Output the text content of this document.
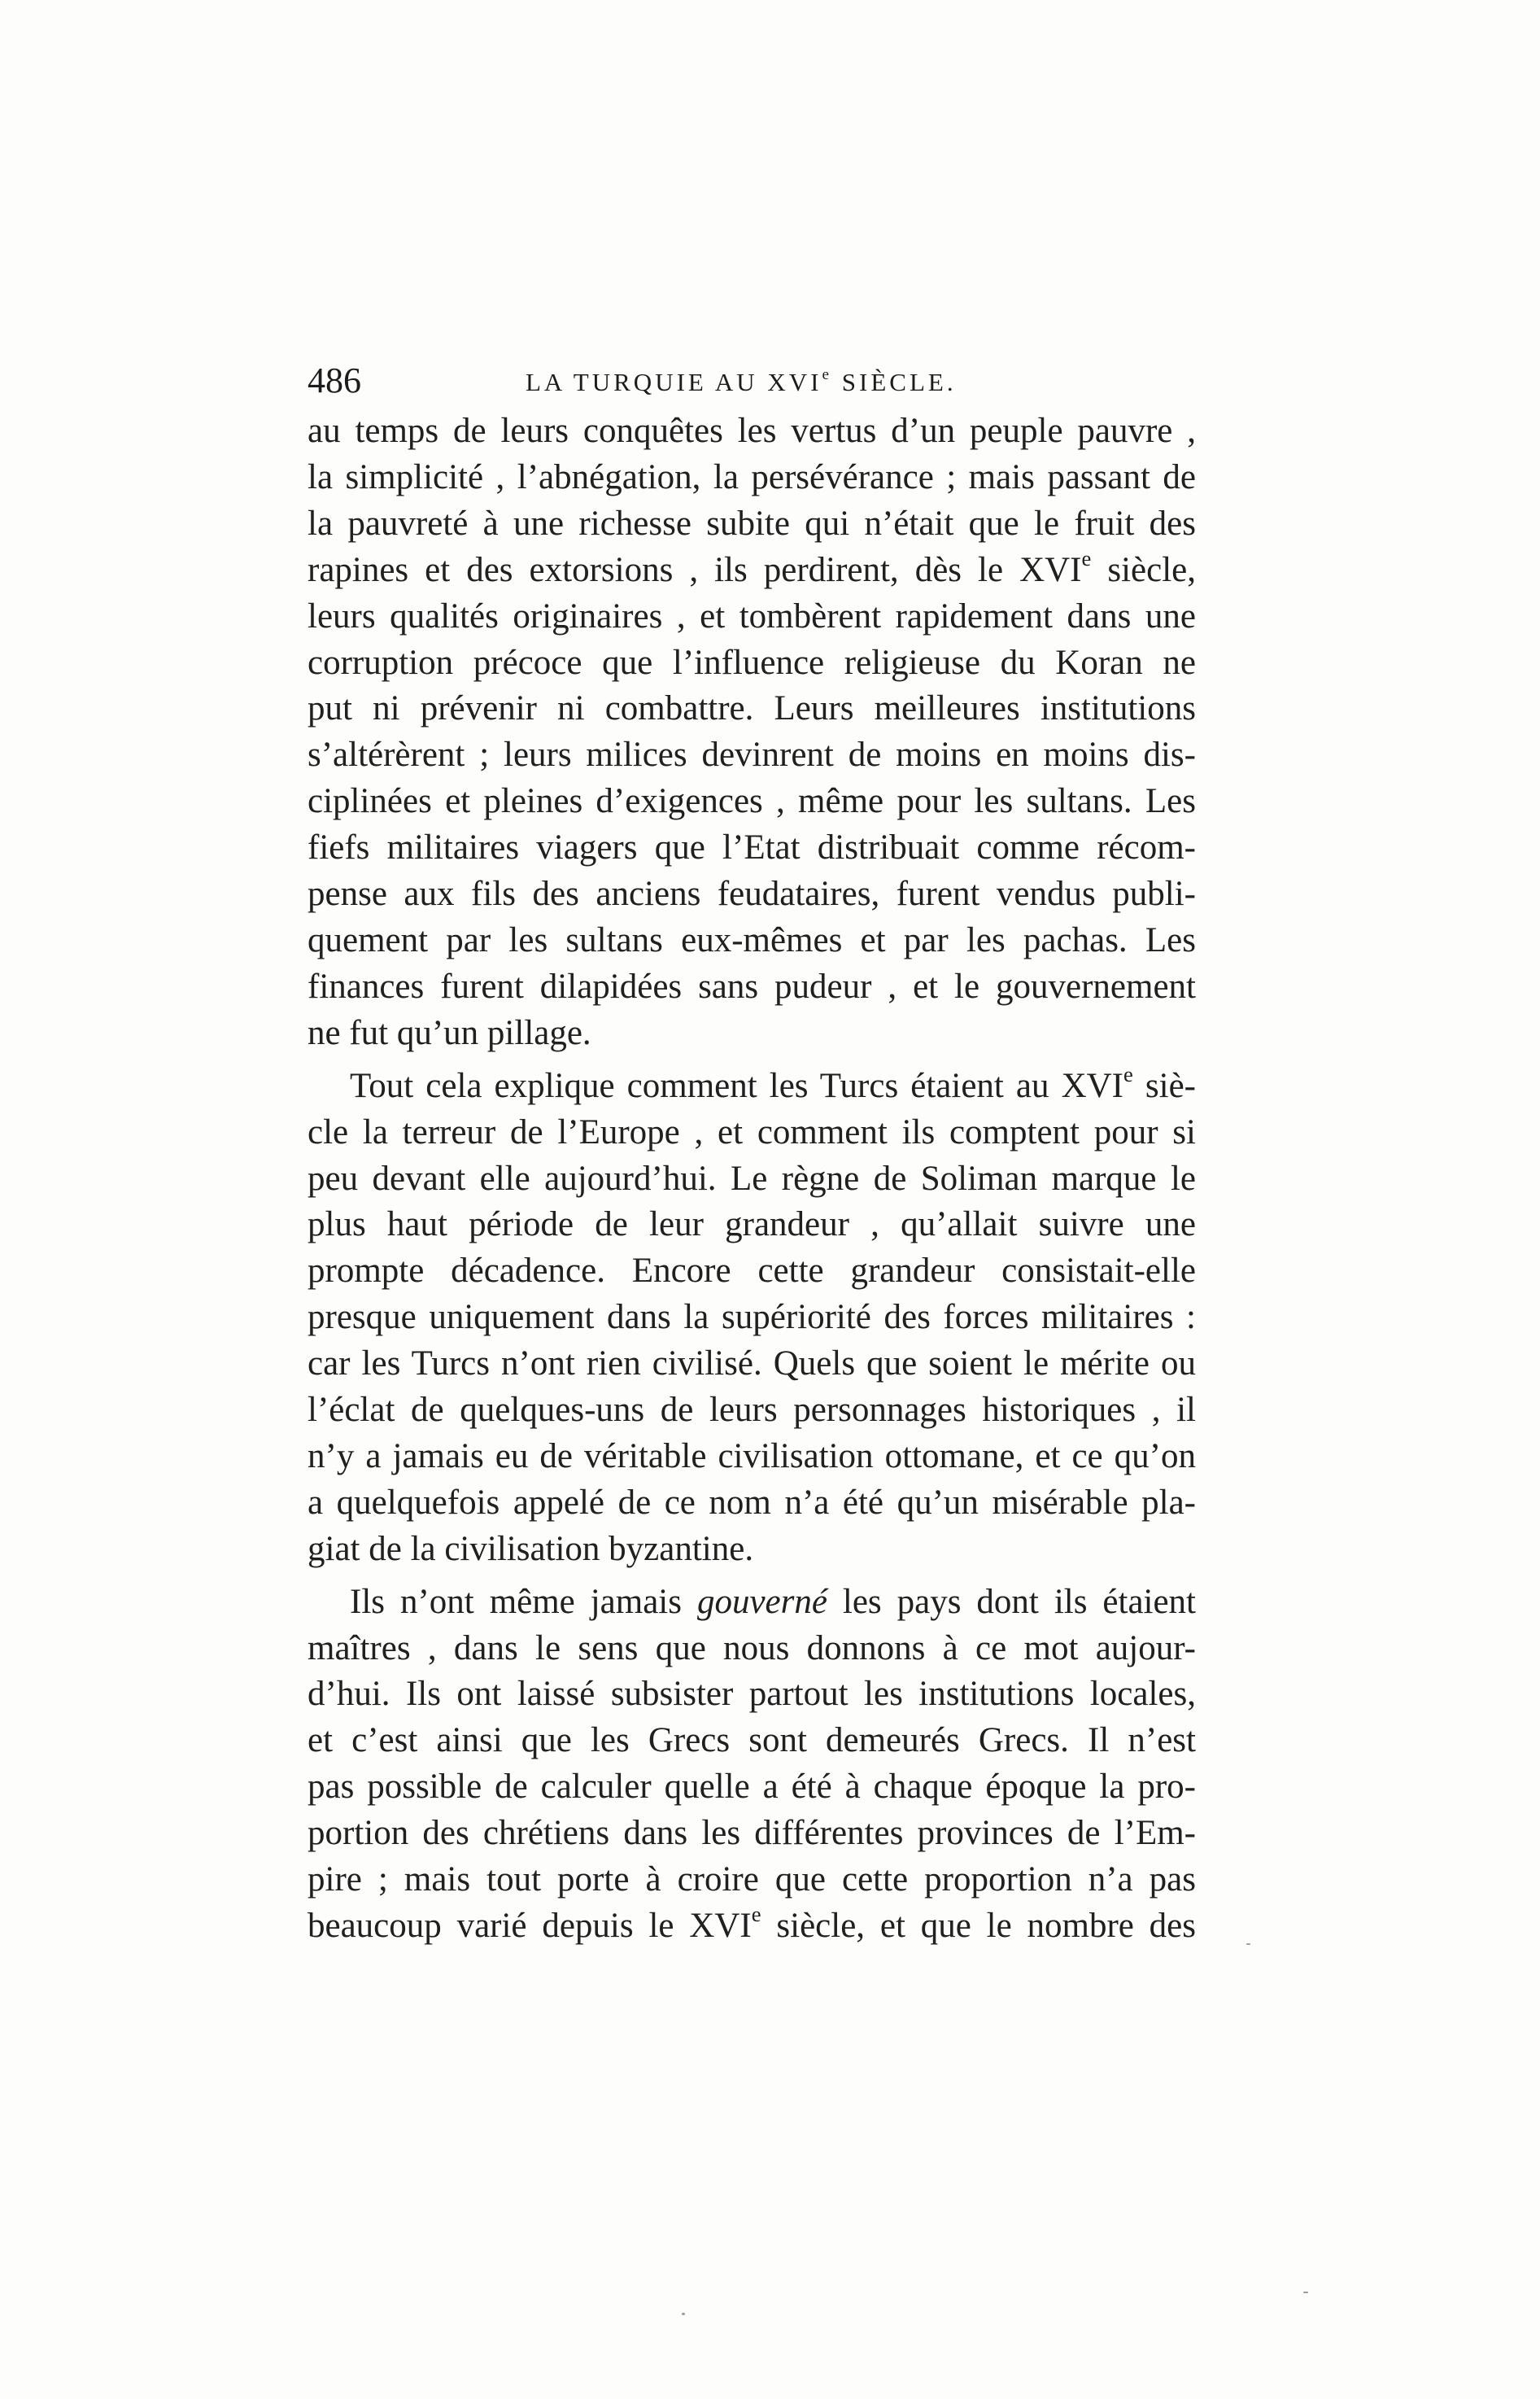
486	LA TURQUIE AU XVIe SIÈCLE.
au temps de leurs conquêtes les vertus d’un peuple pauvre ,
la simplicité , l’abnégation, la persévérance ; mais passant de
la pauvreté à une richesse subite qui n’était que le fruit des
rapines et des extorsions , ils perdirent, dès le XVIe siècle,
leurs qualités originaires , et tombèrent rapidement dans une
corruption précoce que l’influence religieuse du Koran ne
put ni prévenir ni combattre. Leurs meilleures institutions
s’altérèrent ; leurs milices devinrent de moins en moins dis-
ciplinées et pleines d’exigences , même pour les sultans. Les
fiefs militaires viagers que l’Etat distribuait comme récom-
pense aux fils des anciens feudataires, furent vendus publi-
quement par les sultans eux-mêmes et par les pachas. Les
finances furent dilapidées sans pudeur , et le gouvernement
ne fut qu’un pillage.
Tout cela explique comment les Turcs étaient au XVIe siè-
cle la terreur de l’Europe , et comment ils comptent pour si
peu devant elle aujourd’hui. Le règne de Soliman marque le
plus haut période de leur grandeur , qu’allait suivre une
prompte décadence. Encore cette grandeur consistait-elle
presque uniquement dans la supériorité des forces militaires :
car les Turcs n’ont rien civilisé. Quels que soient le mérite ou
l’éclat de quelques-uns de leurs personnages historiques , il
n’y a jamais eu de véritable civilisation ottomane, et ce qu’on
a quelquefois appelé de ce nom n’a été qu’un misérable pla-
giat de la civilisation byzantine.
Ils n’ont même jamais gouverné les pays dont ils étaient
maîtres , dans le sens que nous donnons à ce mot aujour-
d’hui. Ils ont laissé subsister partout les institutions locales,
et c’est ainsi que les Grecs sont demeurés Grecs. Il n’est
pas possible de calculer quelle a été à chaque époque la pro-
portion des chrétiens dans les différentes provinces de l’Em-
pire ; mais tout porte à croire que cette proportion n’a pas
beaucoup varié depuis le XVIe siècle, et que le nombre des
